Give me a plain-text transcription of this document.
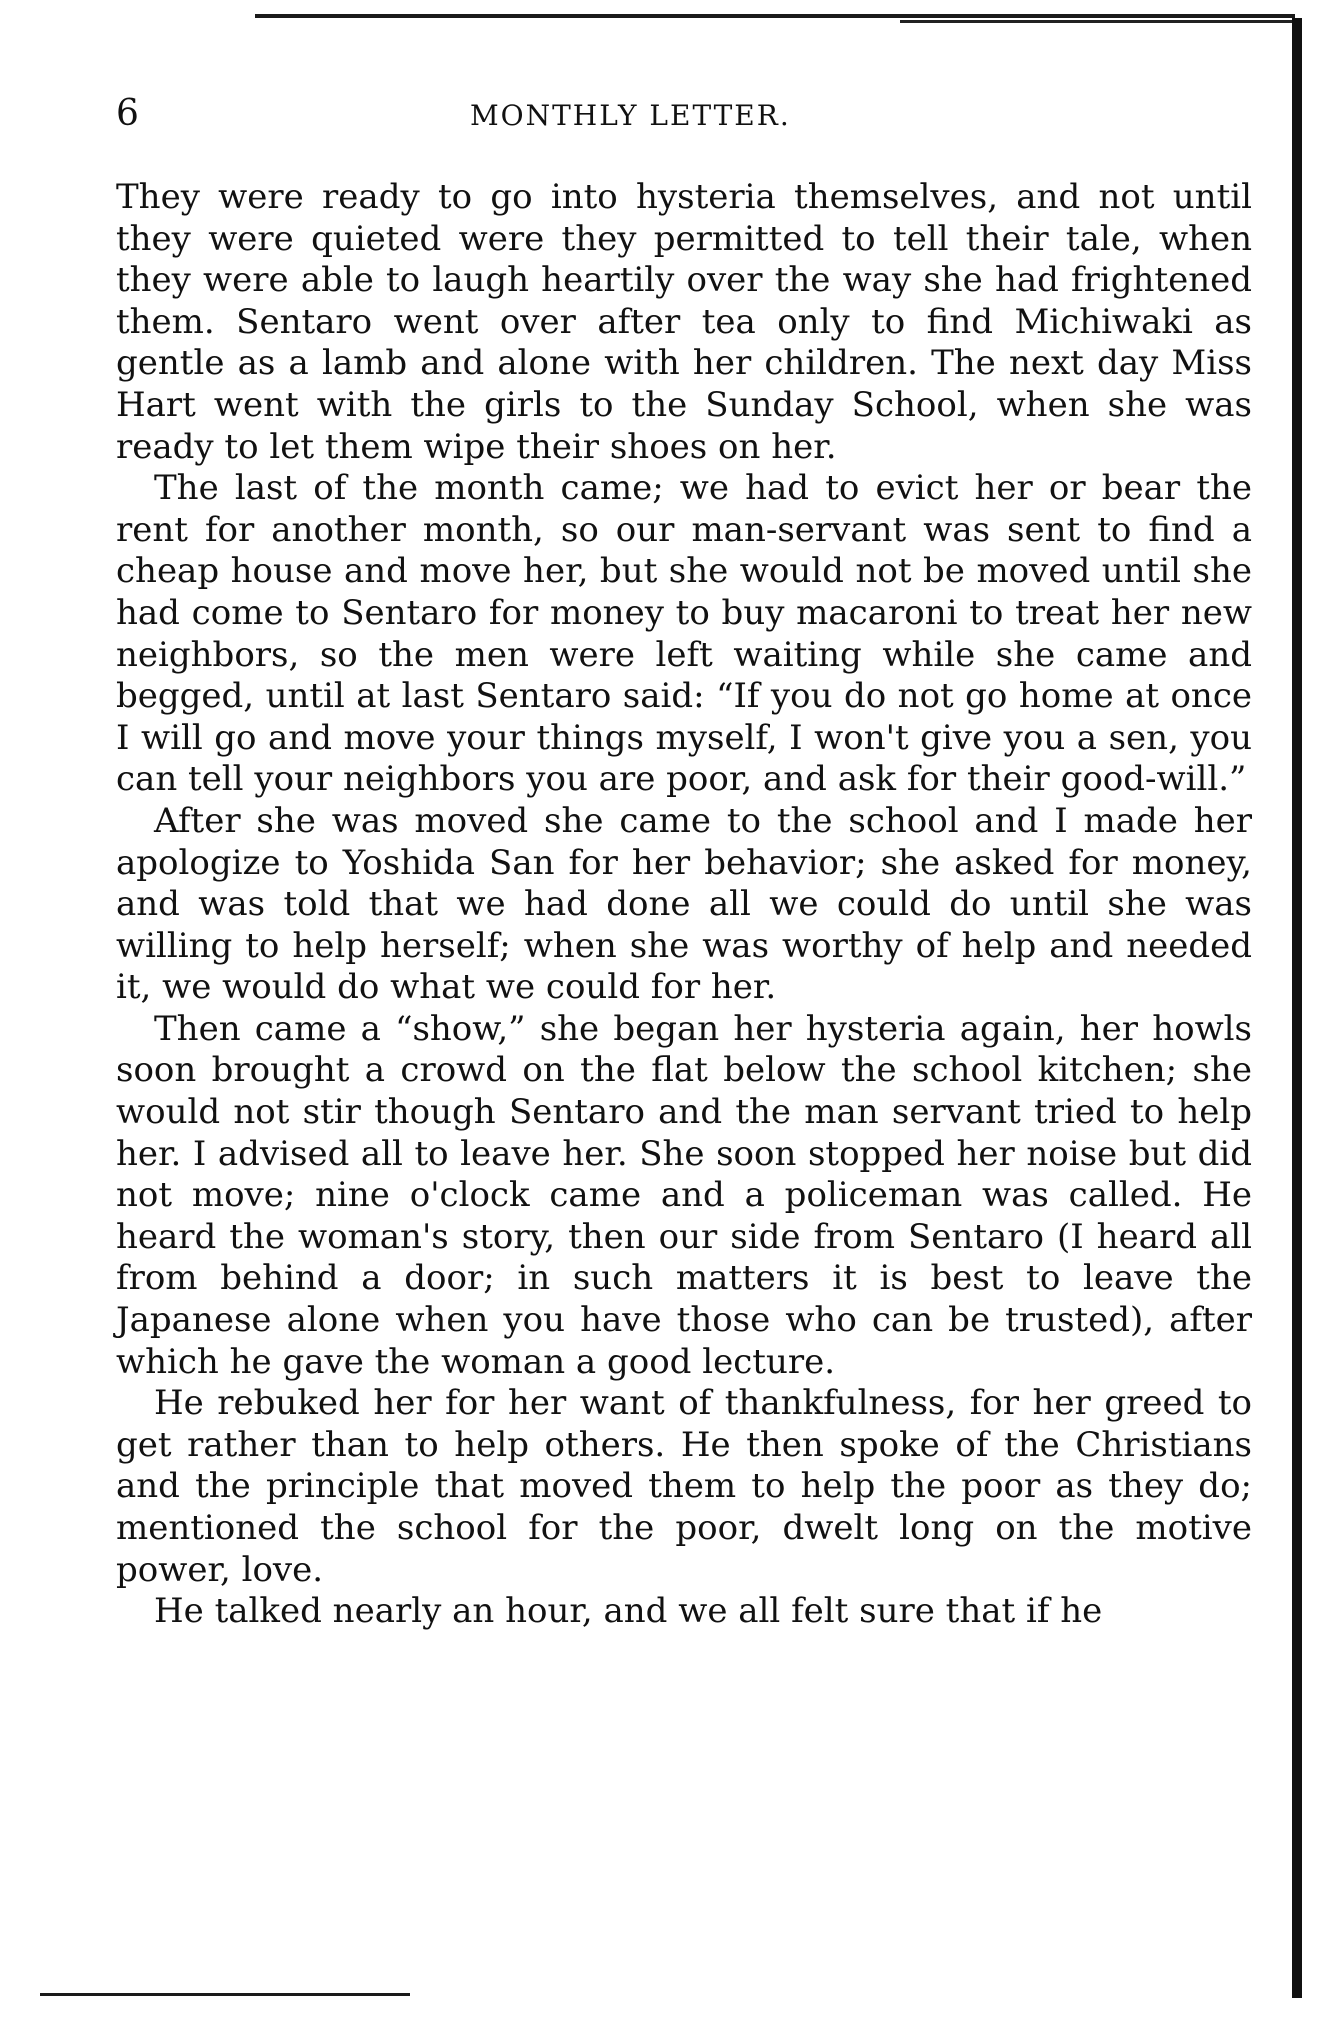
6	MONTHLY LETTER.

They were ready to go into hysteria themselves, and not until they were quieted were they permitted to tell their tale, when they were able to laugh heartily over the way she had frightened them. Sentaro went over after tea only to find Michiwaki as gentle as a lamb and alone with her children. The next day Miss Hart went with the girls to the Sunday School, when she was ready to let them wipe their shoes on her.

The last of the month came; we had to evict her or bear the rent for another month, so our man-servant was sent to find a cheap house and move her, but she would not be moved until she had come to Sentaro for money to buy macaroni to treat her new neighbors, so the men were left waiting while she came and begged, until at last Sentaro said: “If you do not go home at once I will go and move your things myself, I won't give you a sen, you can tell your neighbors you are poor, and ask for their good-will.”

After she was moved she came to the school and I made her apologize to Yoshida San for her behavior; she asked for money, and was told that we had done all we could do until she was willing to help herself; when she was worthy of help and needed it, we would do what we could for her.

Then came a “show,” she began her hysteria again, her howls soon brought a crowd on the flat below the school kitchen; she would not stir though Sentaro and the man servant tried to help her. I advised all to leave her. She soon stopped her noise but did not move; nine o'clock came and a policeman was called. He heard the woman's story, then our side from Sentaro (I heard all from behind a door; in such matters it is best to leave the Japanese alone when you have those who can be trusted), after which he gave the woman a good lecture.

He rebuked her for her want of thankfulness, for her greed to get rather than to help others. He then spoke of the Christians and the principle that moved them to help the poor as they do; mentioned the school for the poor, dwelt long on the motive power, love.

He talked nearly an hour, and we all felt sure that if he
